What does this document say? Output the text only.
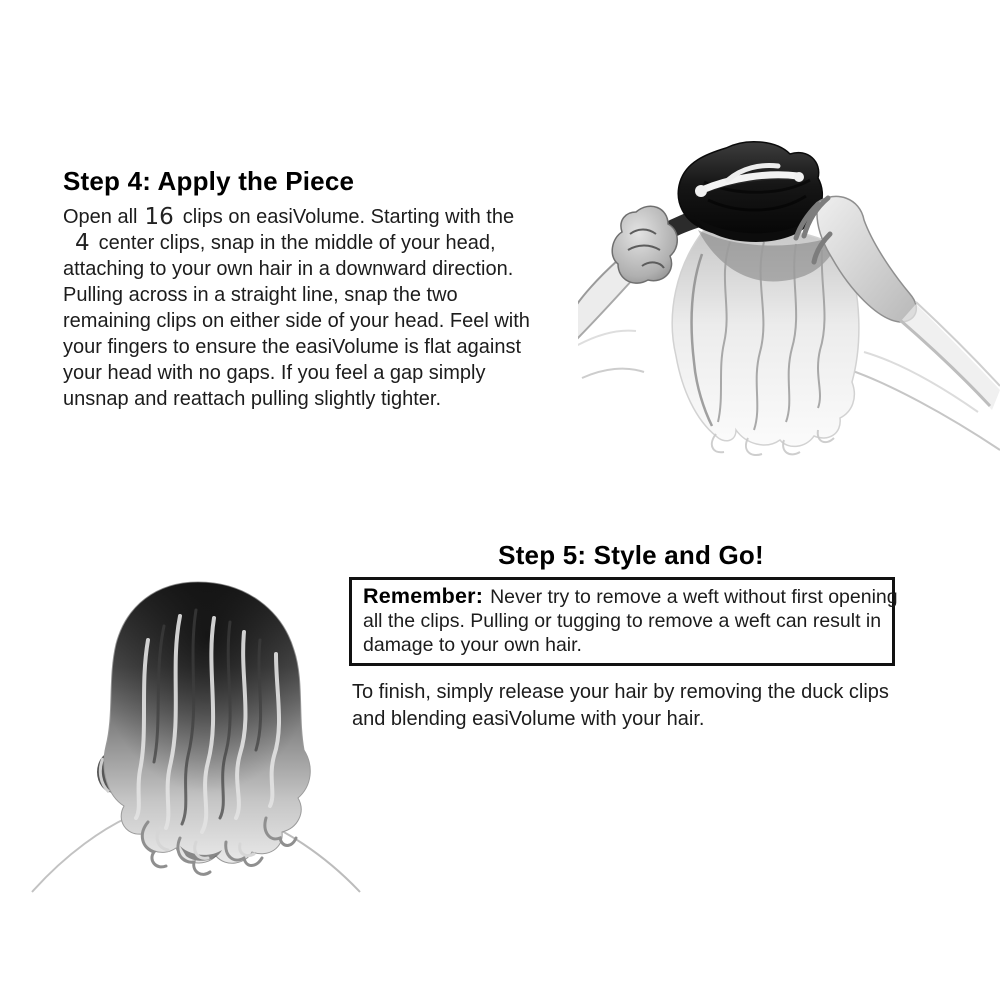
Step 4: Apply the Piece
Open all 16 clips on easiVolume. Starting with the
4 center clips, snap in the middle of your head,
attaching to your own hair in a downward direction.
Pulling across in a straight line, snap the two
remaining clips on either side of your head. Feel with
your fingers to ensure the easiVolume is flat against
your head with no gaps. If you feel a gap simply
unsnap and reattach pulling slightly tighter.
Step 5: Style and Go!
Remember: Never try to remove a weft without first opening
all the clips. Pulling or tugging to remove a weft can result in
damage to your own hair.
To finish, simply release your hair by removing the duck clips
and blending easiVolume with your hair.
